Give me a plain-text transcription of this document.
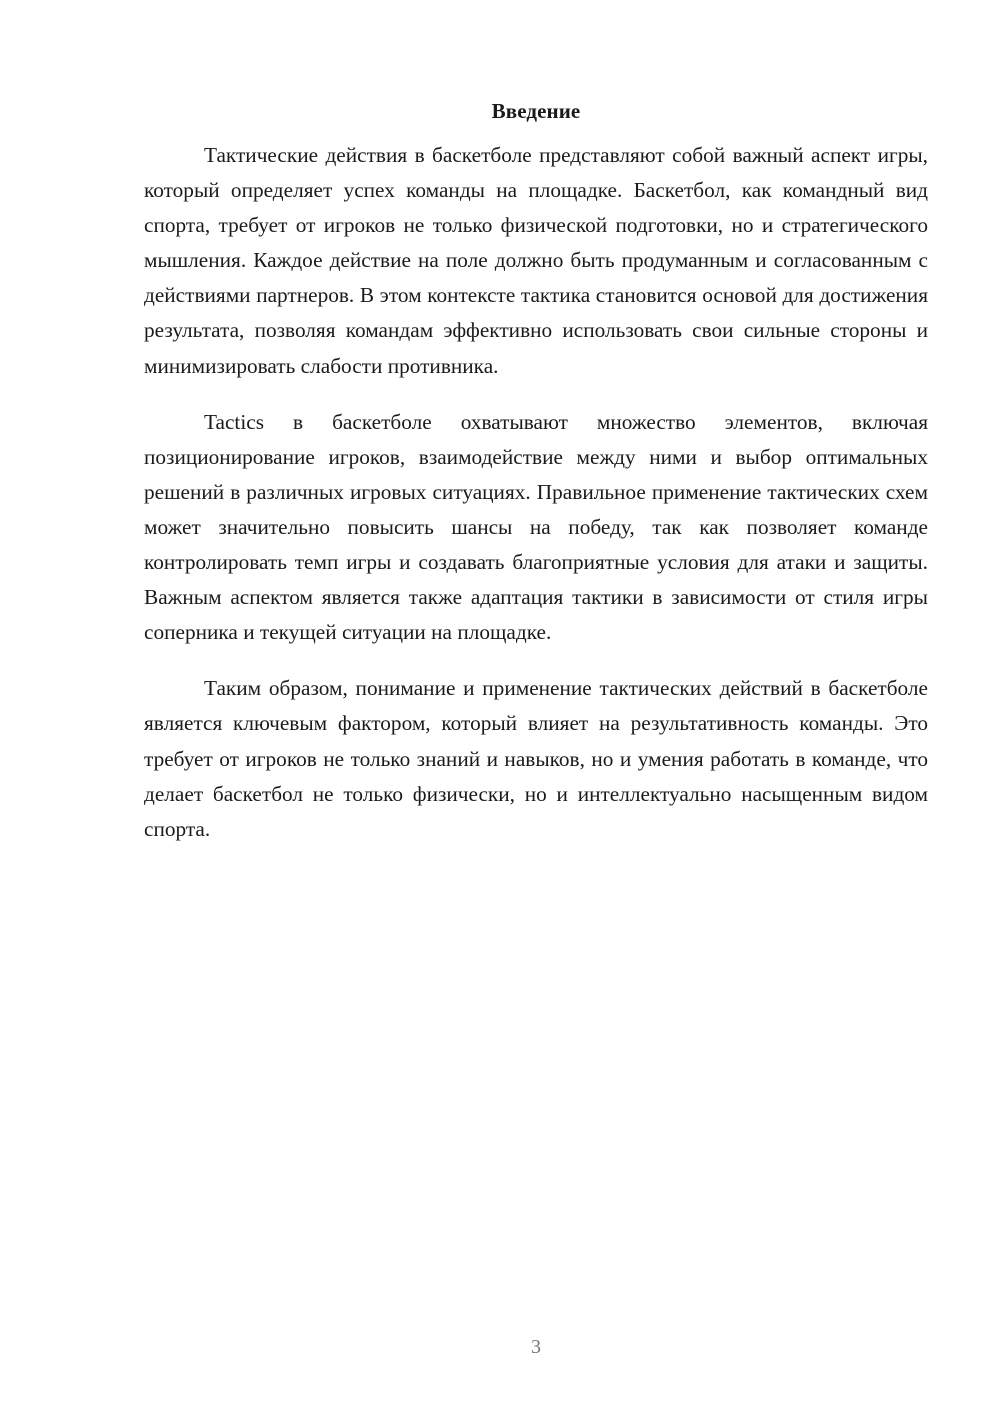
Введение

Тактические действия в баскетболе представляют собой важный аспект игры, который определяет успех команды на площадке. Баскетбол, как командный вид спорта, требует от игроков не только физической подготовки, но и стратегического мышления. Каждое действие на поле должно быть продуманным и согласованным с действиями партнеров. В этом контексте тактика становится основой для достижения результата, позволяя командам эффективно использовать свои сильные стороны и минимизировать слабости противника.

Tactics в баскетболе охватывают множество элементов, включая позиционирование игроков, взаимодействие между ними и выбор оптимальных решений в различных игровых ситуациях. Правильное применение тактических схем может значительно повысить шансы на победу, так как позволяет команде контролировать темп игры и создавать благоприятные условия для атаки и защиты. Важным аспектом является также адаптация тактики в зависимости от стиля игры соперника и текущей ситуации на площадке.

Таким образом, понимание и применение тактических действий в баскетболе является ключевым фактором, который влияет на результативность команды. Это требует от игроков не только знаний и навыков, но и умения работать в команде, что делает баскетбол не только физически, но и интеллектуально насыщенным видом спорта.

3
